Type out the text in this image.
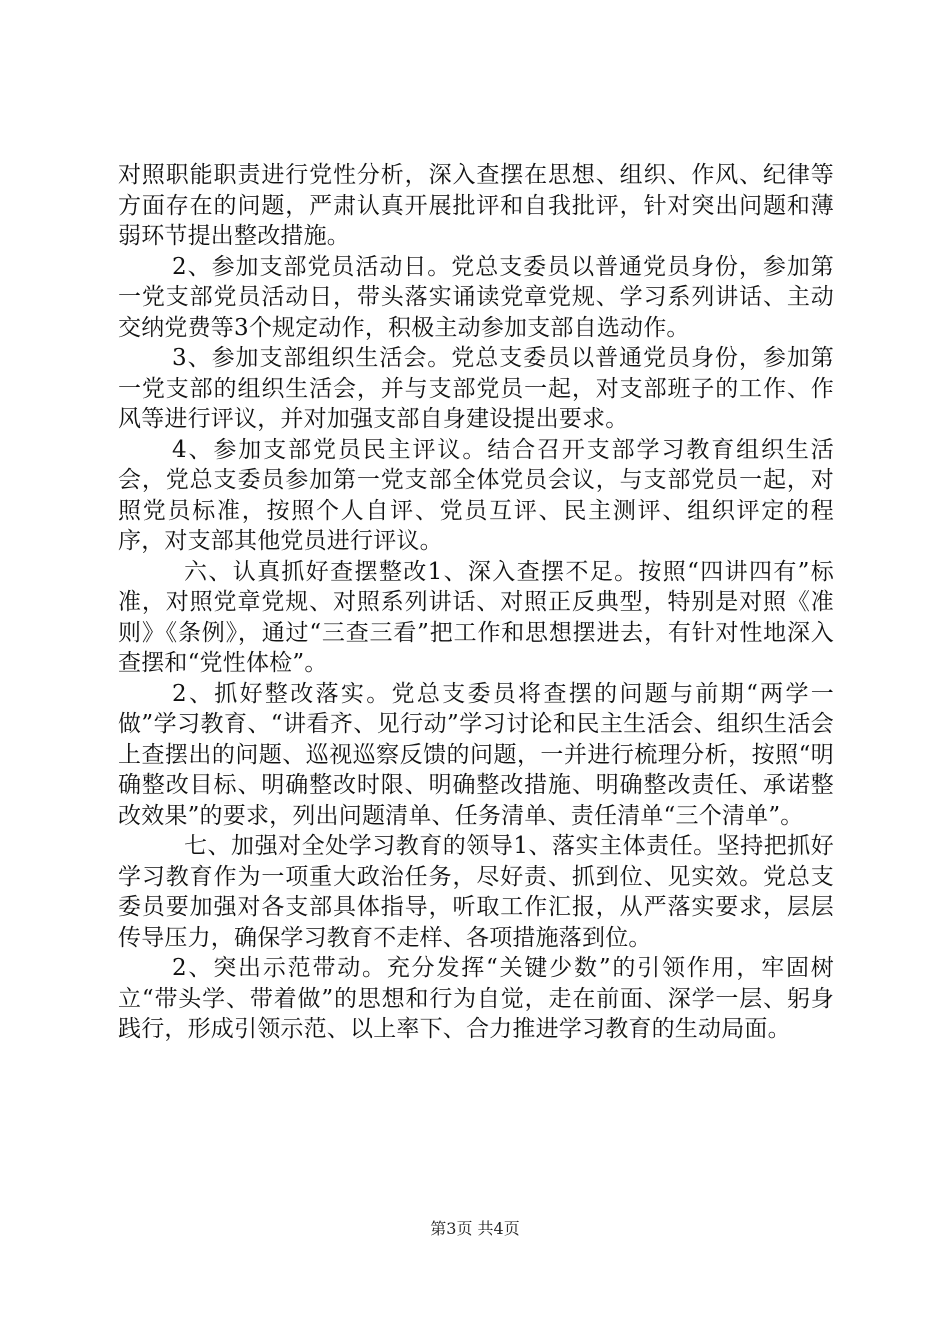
对照职能职责进行党性分析，深入查摆在思想、组织、作风、纪律等方面存在的问题，严肃认真开展批评和自我批评，针对突出问题和薄弱环节提出整改措施。

2、参加支部党员活动日。党总支委员以普通党员身份，参加第一党支部党员活动日，带头落实诵读党章党规、学习系列讲话、主动交纳党费等3个规定动作，积极主动参加支部自选动作。

3、参加支部组织生活会。党总支委员以普通党员身份，参加第一党支部的组织生活会，并与支部党员一起，对支部班子的工作、作风等进行评议，并对加强支部自身建设提出要求。

4、参加支部党员民主评议。结合召开支部学习教育组织生活会，党总支委员参加第一党支部全体党员会议，与支部党员一起，对照党员标准，按照个人自评、党员互评、民主测评、组织评定的程序，对支部其他党员进行评议。

六、认真抓好查摆整改1、深入查摆不足。按照“四讲四有”标准，对照党章党规、对照系列讲话、对照正反典型，特别是对照《准则》《条例》，通过“三查三看”把工作和思想摆进去，有针对性地深入查摆和“党性体检”。

2、抓好整改落实。党总支委员将查摆的问题与前期“两学一做”学习教育、“讲看齐、见行动”学习讨论和民主生活会、组织生活会上查摆出的问题、巡视巡察反馈的问题，一并进行梳理分析，按照“明确整改目标、明确整改时限、明确整改措施、明确整改责任、承诺整改效果”的要求，列出问题清单、任务清单、责任清单“三个清单”。

七、加强对全处学习教育的领导1、落实主体责任。坚持把抓好学习教育作为一项重大政治任务，尽好责、抓到位、见实效。党总支委员要加强对各支部具体指导，听取工作汇报，从严落实要求，层层传导压力，确保学习教育不走样、各项措施落到位。

2、突出示范带动。充分发挥“关键少数”的引领作用，牢固树立“带头学、带着做”的思想和行为自觉，走在前面、深学一层、躬身践行，形成引领示范、以上率下、合力推进学习教育的生动局面。

第3页 共4页
